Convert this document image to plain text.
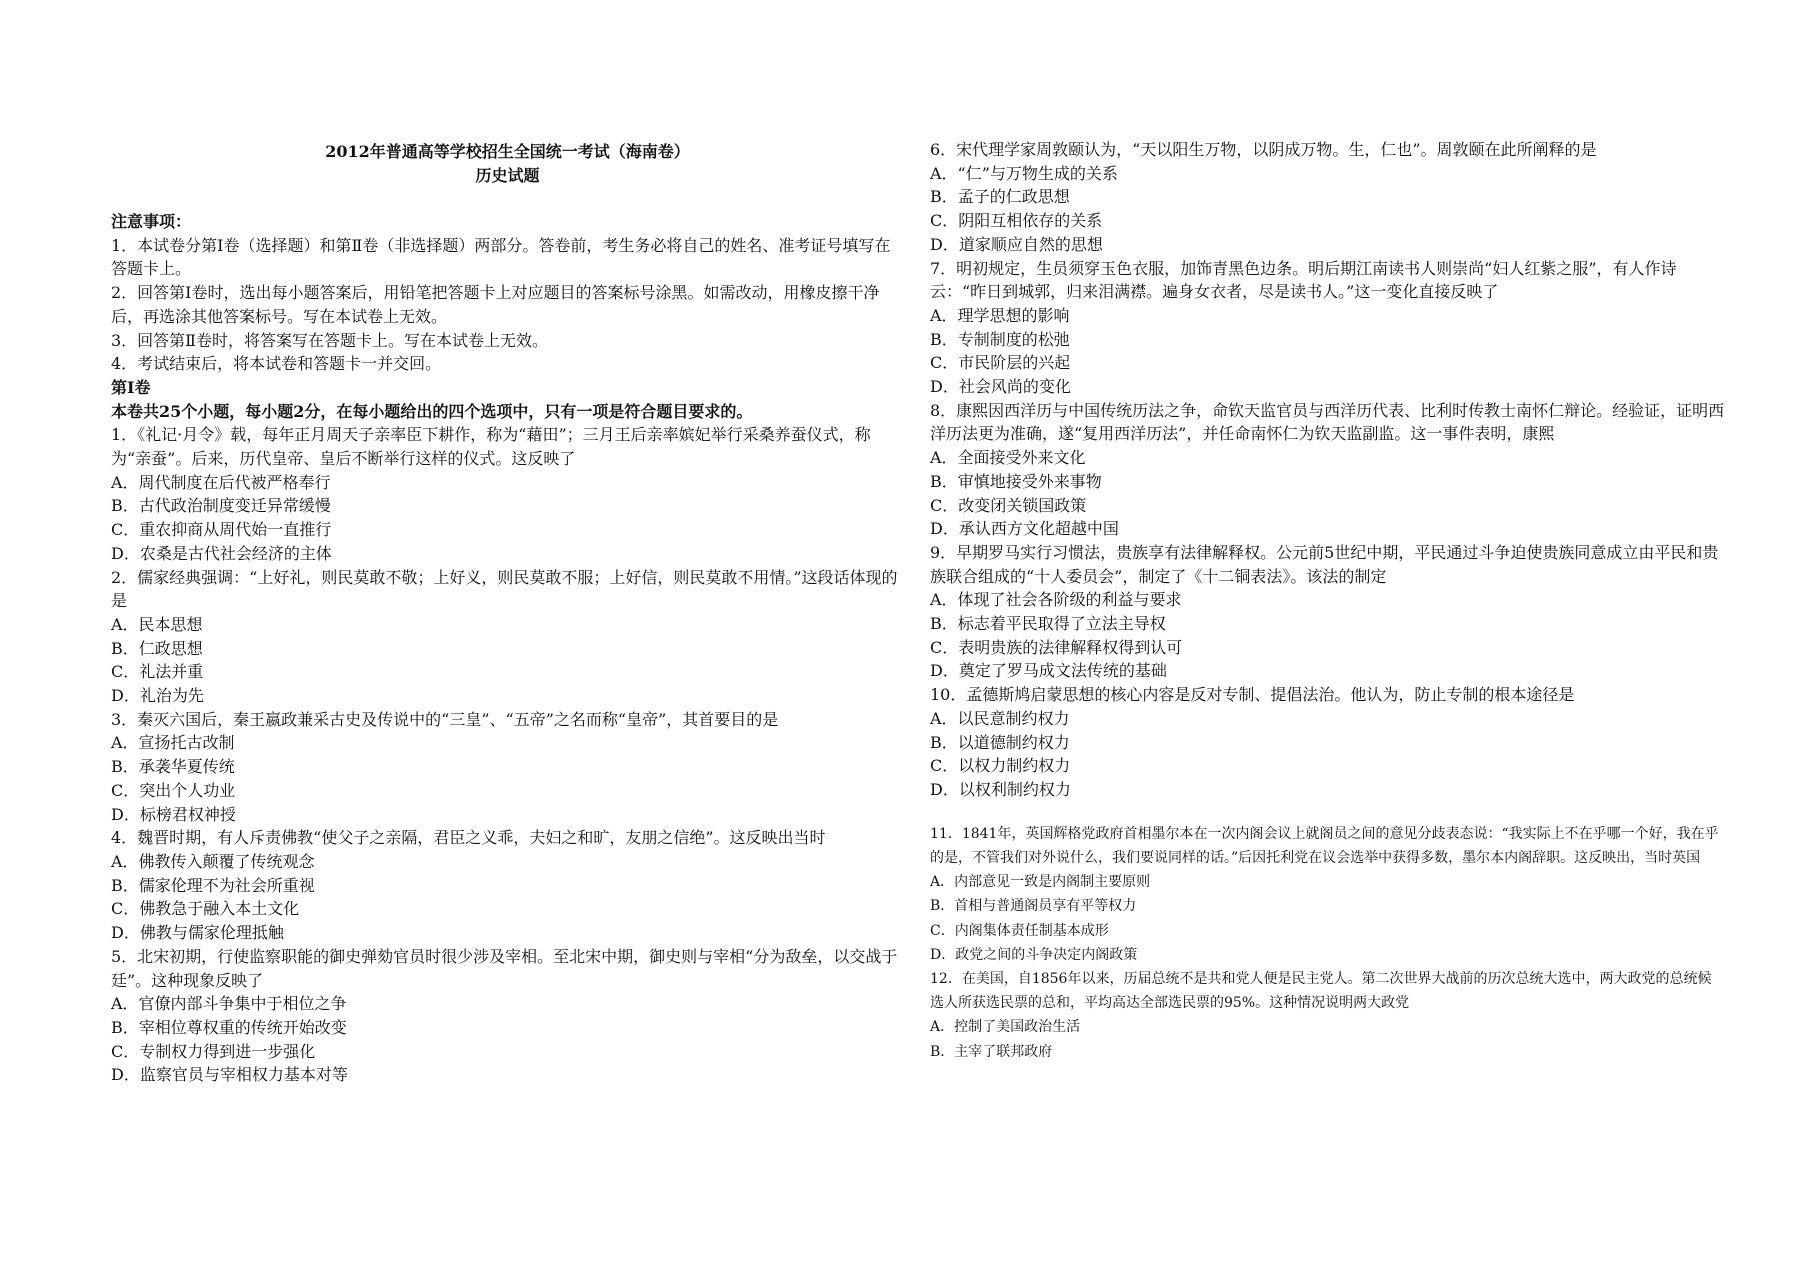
2012年普通高等学校招生全国统一考试（海南卷）
历史试题
注意事项：
1．本试卷分第Ⅰ卷（选择题）和第Ⅱ卷（非选择题）两部分。答卷前，考生务必将自己的姓名、准考证号填写在答题卡上。
2．回答第Ⅰ卷时，选出每小题答案后，用铅笔把答题卡上对应题目的答案标号涂黑。如需改动，用橡皮擦干净后，再选涂其他答案标号。写在本试卷上无效。
3．回答第Ⅱ卷时，将答案写在答题卡上。写在本试卷上无效。
4．考试结束后，将本试卷和答题卡一并交回。
第Ⅰ卷
本卷共25个小题，每小题2分，在每小题给出的四个选项中，只有一项是符合题目要求的。
1．《礼记·月令》载，每年正月周天子亲率臣下耕作，称为“藉田”；三月王后亲率嫔妃举行采桑养蚕仪式，称为“亲蚕”。后来，历代皇帝、皇后不断举行这样的仪式。这反映了
A．周代制度在后代被严格奉行
B．古代政治制度变迁异常缓慢
C．重农抑商从周代始一直推行
D．农桑是古代社会经济的主体
2．儒家经典强调：“上好礼，则民莫敢不敬；上好义，则民莫敢不服；上好信，则民莫敢不用情。”这段话体现的是
A．民本思想
B．仁政思想
C．礼法并重
D．礼治为先
3．秦灭六国后，秦王嬴政兼采古史及传说中的“三皇”、“五帝”之名而称“皇帝”，其首要目的是
A．宣扬托古改制
B．承袭华夏传统
C．突出个人功业
D．标榜君权神授
4．魏晋时期，有人斥责佛教“使父子之亲隔，君臣之义乖，夫妇之和旷，友朋之信绝”。这反映出当时
A．佛教传入颠覆了传统观念
B．儒家伦理不为社会所重视
C．佛教急于融入本土文化
D．佛教与儒家伦理抵触
5．北宋初期，行使监察职能的御史弹劾官员时很少涉及宰相。至北宋中期，御史则与宰相“分为敌垒，以交战于廷”。这种现象反映了
A．官僚内部斗争集中于相位之争
B．宰相位尊权重的传统开始改变
C．专制权力得到进一步强化
D．监察官员与宰相权力基本对等
6．宋代理学家周敦颐认为，“天以阳生万物，以阴成万物。生，仁也”。周敦颐在此所阐释的是
A．“仁”与万物生成的关系
B．孟子的仁政思想
C．阴阳互相依存的关系
D．道家顺应自然的思想
7．明初规定，生员须穿玉色衣服，加饰青黑色边条。明后期江南读书人则崇尚“妇人红紫之服”，有人作诗云：“昨日到城郭，归来泪满襟。遍身女衣者，尽是读书人。”这一变化直接反映了
A．理学思想的影响
B．专制制度的松弛
C．市民阶层的兴起
D．社会风尚的变化
8．康熙因西洋历与中国传统历法之争，命钦天监官员与西洋历代表、比利时传教士南怀仁辩论。经验证，证明西洋历法更为准确，遂“复用西洋历法”，并任命南怀仁为钦天监副监。这一事件表明，康熙
A．全面接受外来文化
B．审慎地接受外来事物
C．改变闭关锁国政策
D．承认西方文化超越中国
9．早期罗马实行习惯法，贵族享有法律解释权。公元前5世纪中期，平民通过斗争迫使贵族同意成立由平民和贵族联合组成的“十人委员会”，制定了《十二铜表法》。该法的制定
A．体现了社会各阶级的利益与要求
B．标志着平民取得了立法主导权
C．表明贵族的法律解释权得到认可
D．奠定了罗马成文法传统的基础
10．孟德斯鸠启蒙思想的核心内容是反对专制、提倡法治。他认为，防止专制的根本途径是
A．以民意制约权力
B．以道德制约权力
C．以权力制约权力
D．以权利制约权力
11．1841年，英国辉格党政府首相墨尔本在一次内阁会议上就阁员之间的意见分歧表态说：“我实际上不在乎哪一个好，我在乎的是，不管我们对外说什么，我们要说同样的话。”后因托利党在议会选举中获得多数，墨尔本内阁辞职。这反映出，当时英国
A．内部意见一致是内阁制主要原则
B．首相与普通阁员享有平等权力
C．内阁集体责任制基本成形
D．政党之间的斗争决定内阁政策
12．在美国，自1856年以来，历届总统不是共和党人便是民主党人。第二次世界大战前的历次总统大选中，两大政党的总统候选人所获选民票的总和，平均高达全部选民票的95%。这种情况说明两大政党
A．控制了美国政治生活
B．主宰了联邦政府
